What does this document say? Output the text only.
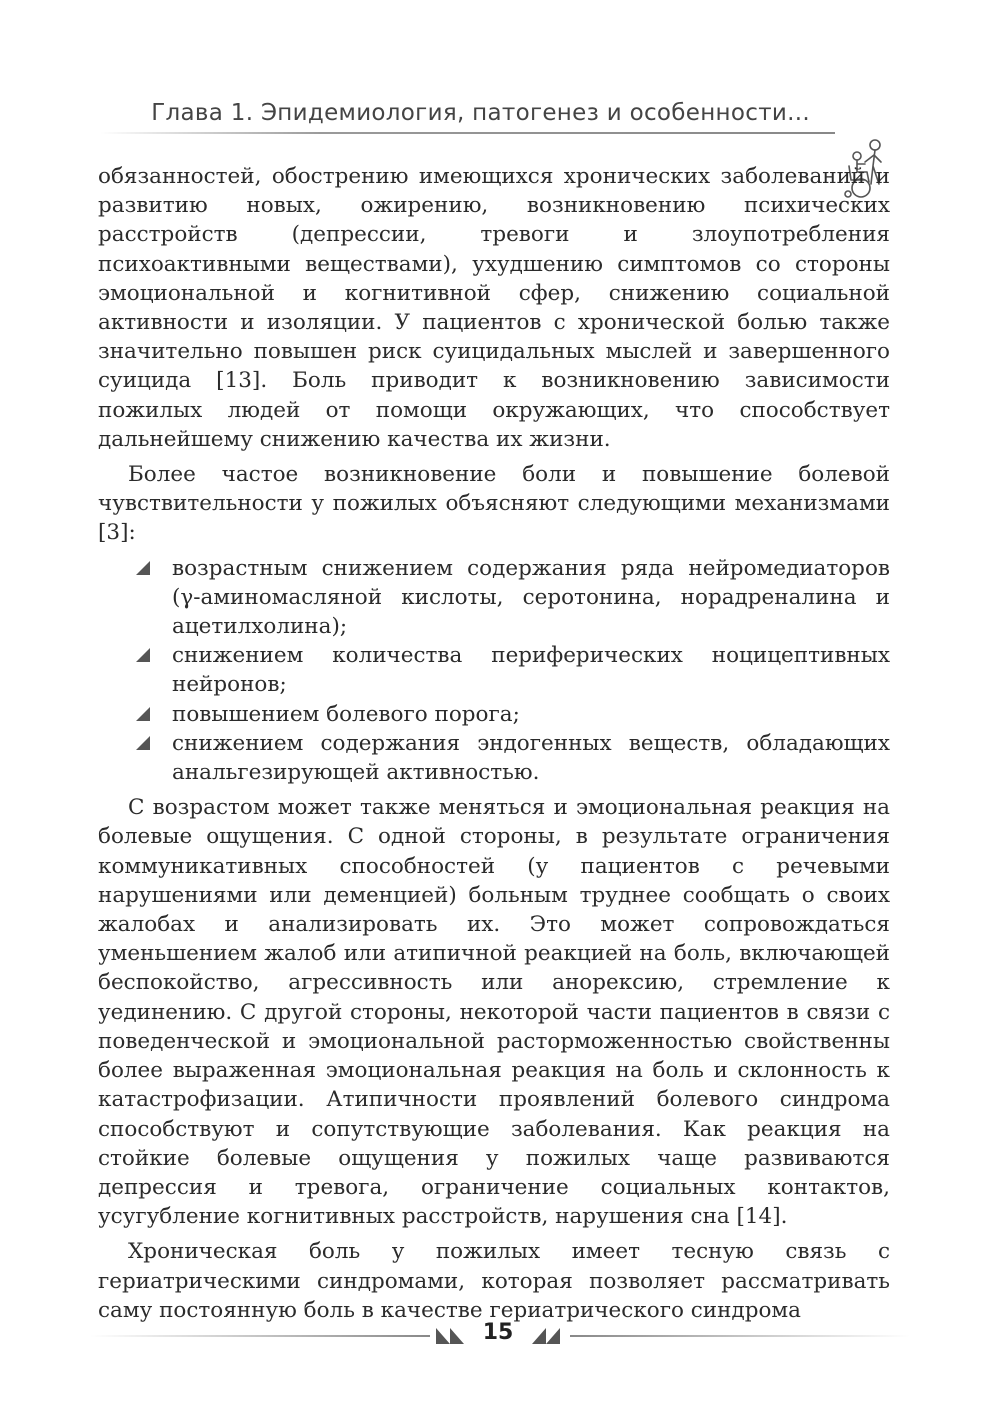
Глава 1. Эпидемиология, патогенез и особенности...

обязанностей, обострению имеющихся хронических заболеваний и развитию новых, ожирению, возникновению психических расстройств (депрессии, тревоги и злоупотребления психоактивными веществами), ухудшению симптомов со стороны эмоциональной и когнитивной сфер, снижению социальной активности и изоляции. У пациентов с хронической болью также значительно повышен риск суицидальных мыслей и завершенного суицида [13]. Боль приводит к возникновению зависимости пожилых людей от помощи окружающих, что способствует дальнейшему снижению качества их жизни.

Более частое возникновение боли и повышение болевой чувствительности у пожилых объясняют следующими механизмами [3]:

возрастным снижением содержания ряда нейромедиаторов (γ-аминомасляной кислоты, серотонина, норадреналина и ацетилхолина);
снижением количества периферических ноцицептивных нейронов;
повышением болевого порога;
снижением содержания эндогенных веществ, обладающих анальгезирующей активностью.

С возрастом может также меняться и эмоциональная реакция на болевые ощущения. С одной стороны, в результате ограничения коммуникативных способностей (у пациентов с речевыми нарушениями или деменцией) больным труднее сообщать о своих жалобах и анализировать их. Это может сопровождаться уменьшением жалоб или атипичной реакцией на боль, включающей беспокойство, агрессивность или анорексию, стремление к уединению. С другой стороны, некоторой части пациентов в связи с поведенческой и эмоциональной расторможенностью свойственны более выраженная эмоциональная реакция на боль и склонность к катастрофизации. Атипичности проявлений болевого синдрома способствуют и сопутствующие заболевания. Как реакция на стойкие болевые ощущения у пожилых чаще развиваются депрессия и тревога, ограничение социальных контактов, усугубление когнитивных расстройств, нарушения сна [14].

Хроническая боль у пожилых имеет тесную связь с гериатрическими синдромами, которая позволяет рассматривать саму постоянную боль в качестве гериатрического синдрома

15
